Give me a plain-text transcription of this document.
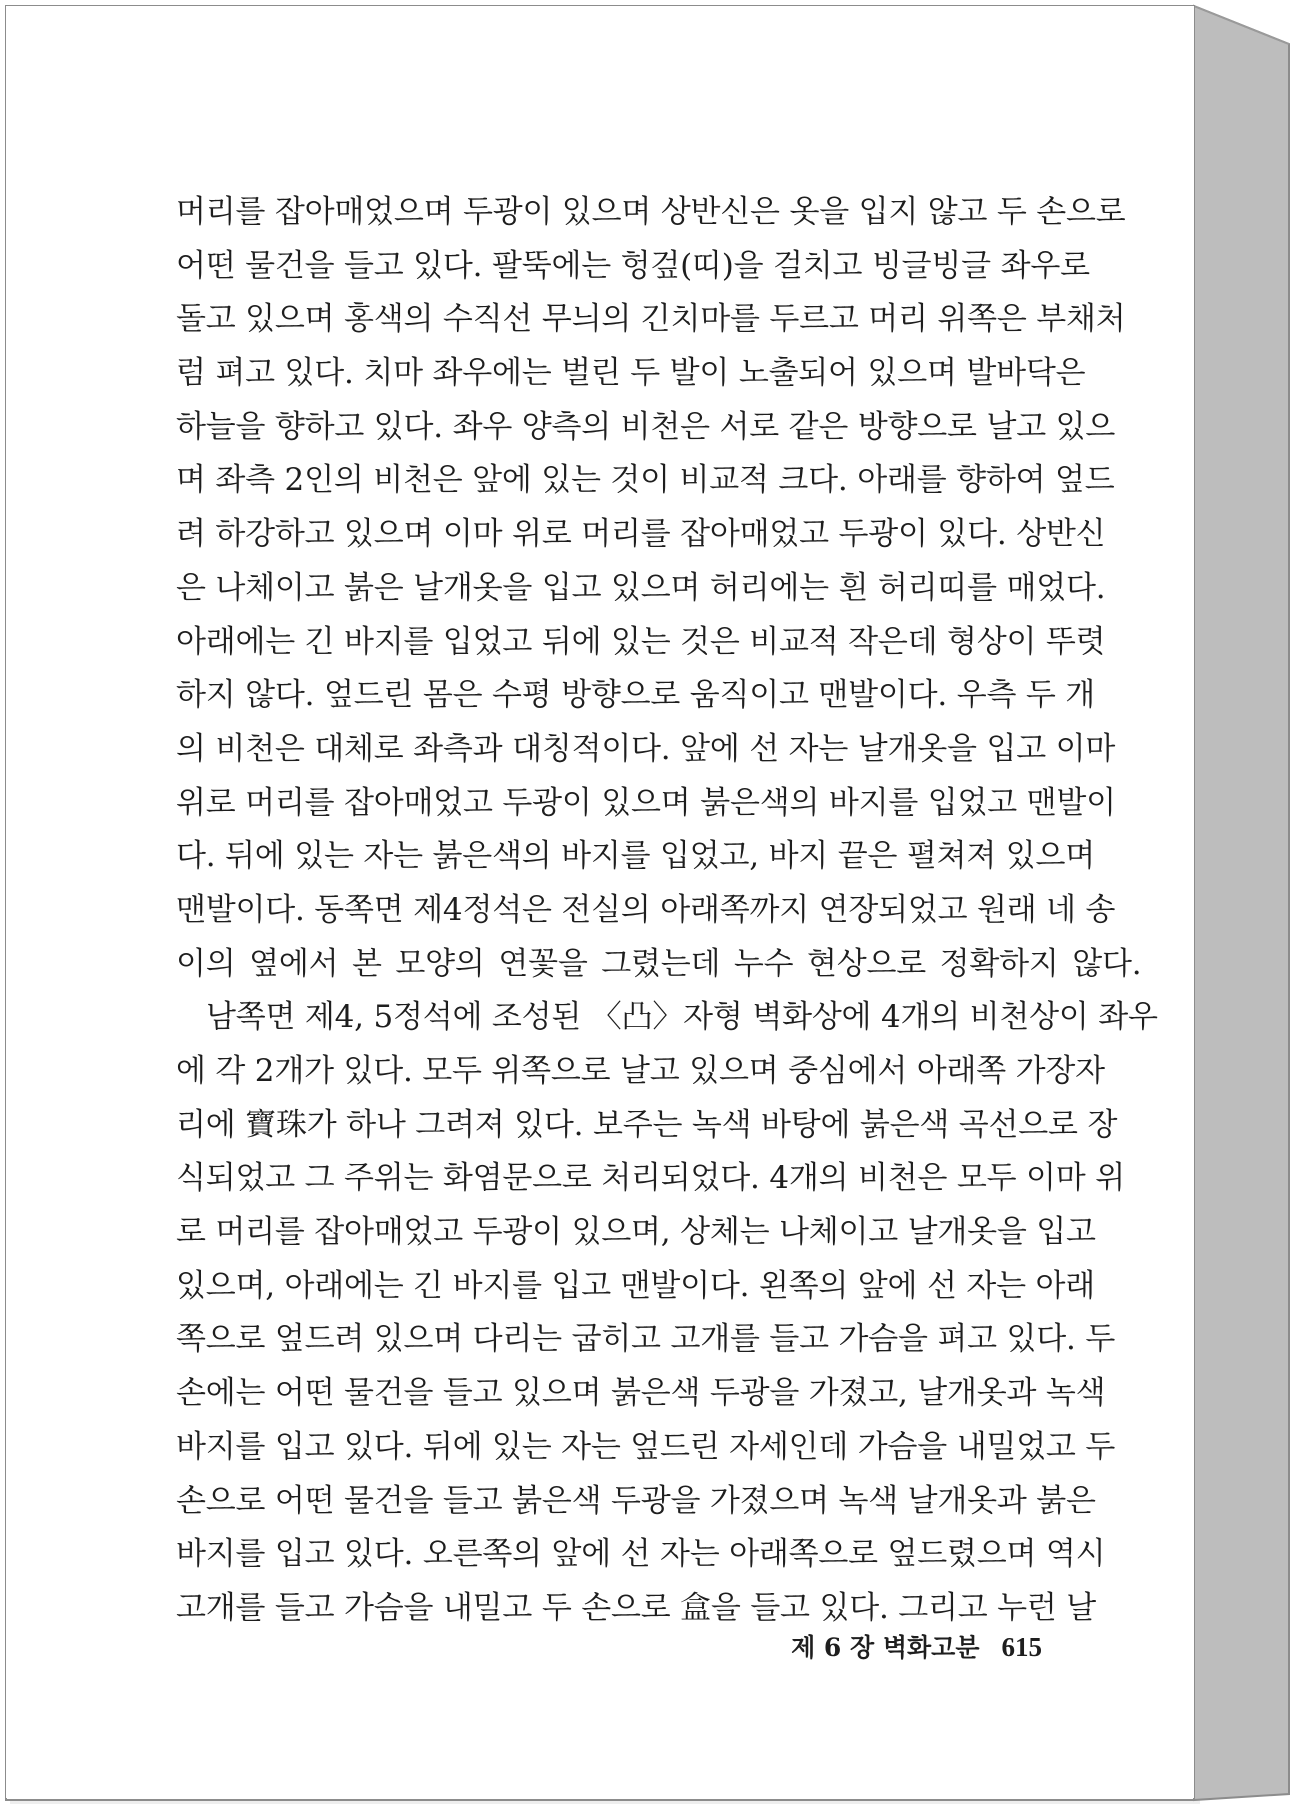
머리를 잡아매었으며 두광이 있으며 상반신은 옷을 입지 않고 두 손으로
어떤 물건을 들고 있다. 팔뚝에는 헝겊(띠)을 걸치고 빙글빙글 좌우로
돌고 있으며 홍색의 수직선 무늬의 긴치마를 두르고 머리 위쪽은 부채처
럼 펴고 있다. 치마 좌우에는 벌린 두 발이 노출되어 있으며 발바닥은
하늘을 향하고 있다. 좌우 양측의 비천은 서로 같은 방향으로 날고 있으
며 좌측 2인의 비천은 앞에 있는 것이 비교적 크다. 아래를 향하여 엎드
려 하강하고 있으며 이마 위로 머리를 잡아매었고 두광이 있다. 상반신
은 나체이고 붉은 날개옷을 입고 있으며 허리에는 흰 허리띠를 매었다.
아래에는 긴 바지를 입었고 뒤에 있는 것은 비교적 작은데 형상이 뚜렷
하지 않다. 엎드린 몸은 수평 방향으로 움직이고 맨발이다. 우측 두 개
의 비천은 대체로 좌측과 대칭적이다. 앞에 선 자는 날개옷을 입고 이마
위로 머리를 잡아매었고 두광이 있으며 붉은색의 바지를 입었고 맨발이
다. 뒤에 있는 자는 붉은색의 바지를 입었고, 바지 끝은 펼쳐져 있으며
맨발이다. 동쪽면 제4정석은 전실의 아래쪽까지 연장되었고 원래 네 송
이의 옆에서 본 모양의 연꽃을 그렸는데 누수 현상으로 정확하지 않다.
남쪽면 제4, 5정석에 조성된 〈凸〉자형 벽화상에 4개의 비천상이 좌우
에 각 2개가 있다. 모두 위쪽으로 날고 있으며 중심에서 아래쪽 가장자
리에 寶珠가 하나 그려져 있다. 보주는 녹색 바탕에 붉은색 곡선으로 장
식되었고 그 주위는 화염문으로 처리되었다. 4개의 비천은 모두 이마 위
로 머리를 잡아매었고 두광이 있으며, 상체는 나체이고 날개옷을 입고
있으며, 아래에는 긴 바지를 입고 맨발이다. 왼쪽의 앞에 선 자는 아래
쪽으로 엎드려 있으며 다리는 굽히고 고개를 들고 가슴을 펴고 있다. 두
손에는 어떤 물건을 들고 있으며 붉은색 두광을 가졌고, 날개옷과 녹색
바지를 입고 있다. 뒤에 있는 자는 엎드린 자세인데 가슴을 내밀었고 두
손으로 어떤 물건을 들고 붉은색 두광을 가졌으며 녹색 날개옷과 붉은
바지를 입고 있다. 오른쪽의 앞에 선 자는 아래쪽으로 엎드렸으며 역시
고개를 들고 가슴을 내밀고 두 손으로 盒을 들고 있다. 그리고 누런 날
제 6 장 벽화고분 615
